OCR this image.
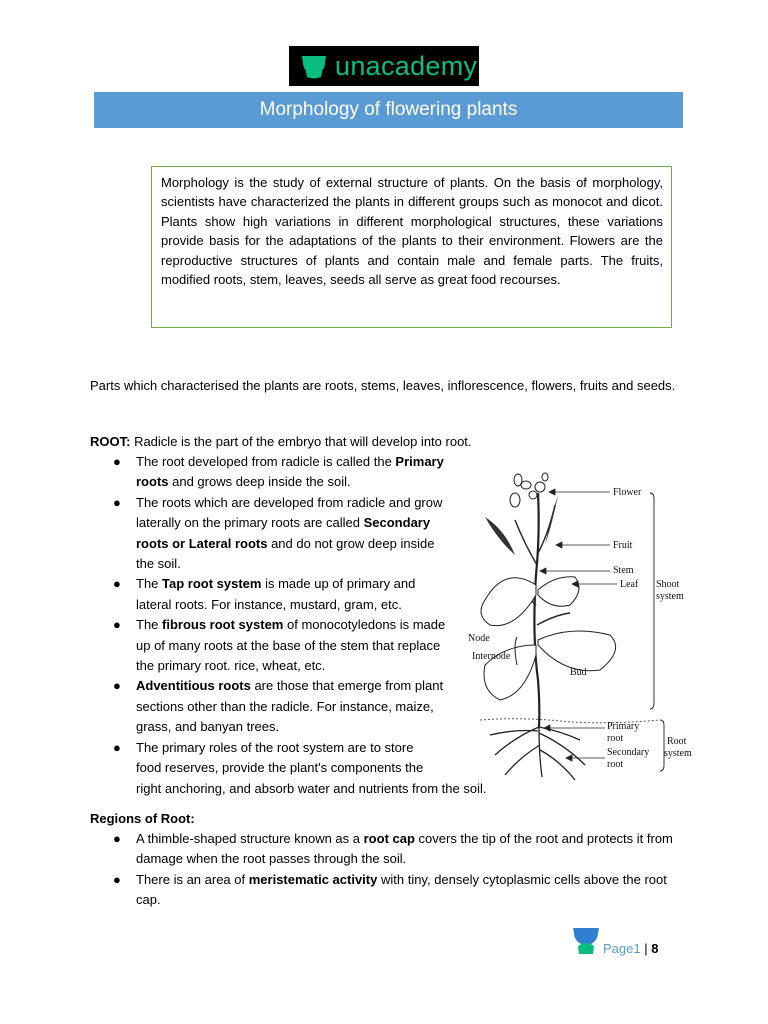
unacademy
Morphology of flowering plants
Morphology is the study of external structure of plants. On the basis of morphology, scientists have characterized the plants in different groups such as monocot and dicot. Plants show high variations in different morphological structures, these variations provide basis for the adaptations of the plants to their environment. Flowers are the reproductive structures of plants and contain male and female parts. The fruits, modified roots, stem, leaves, seeds all serve as great food recourses.
Parts which characterised the plants are roots, stems, leaves, inflorescence, flowers, fruits and seeds.
ROOT: Radicle is the part of the embryo that will develop into root.
● The root developed from radicle is called the Primary roots and grows deep inside the soil.
● The roots which are developed from radicle and grow laterally on the primary roots are called Secondary roots or Lateral roots and do not grow deep inside the soil.
● The Tap root system is made up of primary and lateral roots. For instance, mustard, gram, etc.
● The fibrous root system of monocotyledons is made up of many roots at the base of the stem that replace the primary root. rice, wheat, etc.
● Adventitious roots are those that emerge from plant sections other than the radicle. For instance, maize, grass, and banyan trees.
● The primary roles of the root system are to store
food reserves, provide the plant's components the
right anchoring, and absorb water and nutrients from the soil.
Flower
Fruit
Stem
Leaf Shoot
system
Node
Internode
Bud
Primary
root
Secondary
root
Root
system
Regions of Root:
● A thimble-shaped structure known as a root cap covers the tip of the root and protects it from damage when the root passes through the soil.
● There is an area of meristematic activity with tiny, densely cytoplasmic cells above the root cap.
Page1 | 8
